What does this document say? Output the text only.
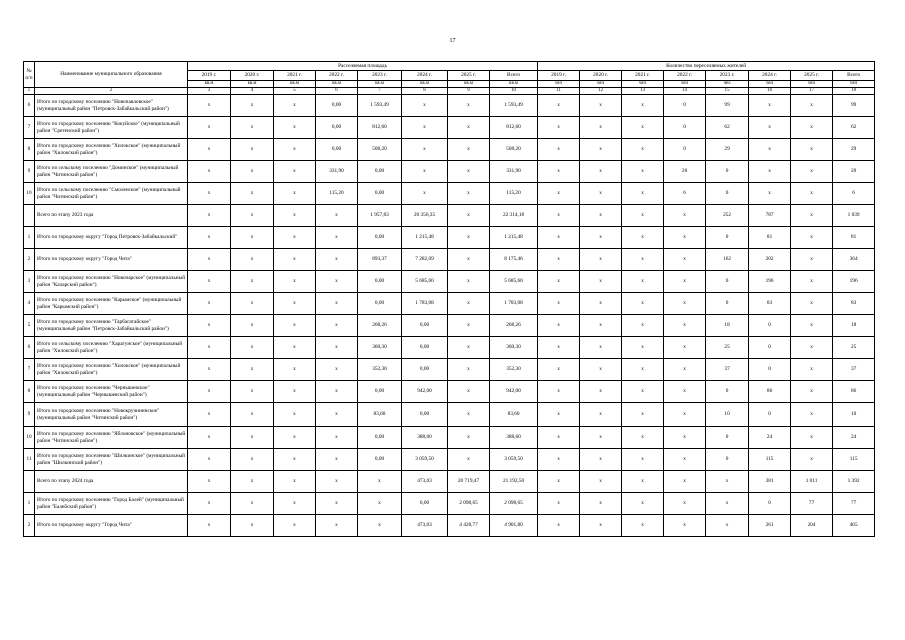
17
№ п/п	Наименование муниципального образования	Расселяемая площадь								Количество переселяемых жителей							
		2019 г.	2020 г.	2021 г.	2022 г.	2023 г.	2024 г.	2025 г.	Всего	2019 г.	2020 г.	2021 г.	2022 г.	2023 г.	2024 г.	2025 г.	Всего
		кв.м	кв.м	кв.м	кв.м	кв.м	кв.м	кв.м	кв.м	чел	чел	чел	чел	чел	чел	чел	чел
1	2	3	4	5	6	7	8	9	10	11	12	13	14	15	16	17	18
6	Итого по городскому поселению "Новопавловское" (муниципальный район "Петровск-Забайкальский район")	x	x	x	0,00	1 593,49	x	x	1 593,49	x	x	x	0	99	x	x	99
7	Итого по городскому поселению "Кокуйское" (муниципальный район "Сретенский район")	x	x	x	0,00	812,60	x	x	812,60	x	x	x	0	62	x	x	62
8	Итого по городскому поселению "Хилокское" (муниципальный район "Хилокский район")	x	x	x	0,00	508,20	x	x	508,20	x	x	x	0	29	x	x	29
9	Итого по сельскому поселению "Доминское" (муниципальный район "Читинский район")	x	x	x	331,90	0,00	x	x	331,90	x	x	x	20	0	x	x	20
10	Итого по сельскому поселению "Смоленское" (муниципальный район "Читинский район")	x	x	x	115,20	0,00	x	x	115,20	x	x	x	6	0	x	x	6
	Всего по этапу 2023 года	x	x	x	x	1 957,83	20 356,35	x	22 314,18	x	x	x	x	252	787	x	1 039
1	Итого по городскому округу "Город Петровск-Забайкальский"	x	x	x	x	0,00	1 215,48	x	1 215,48	x	x	x	x	0	81	x	81
2	Итого по городскому округу "Город Чита"	x	x	x	x	893,37	7 282,09	x	8 175,46	x	x	x	x	162	202	x	364
3	Итого по городскому поселению "Новочарское" (муниципальный район "Каларский район")	x	x	x	x	0,00	5 685,60	x	5 685,60	x	x	x	x	0	196	x	196
4	Итого по городскому поселению "Карымское" (муниципальный район "Карымский район")	x	x	x	x	0,00	1 783,08	x	1 783,08	x	x	x	x	0	83	x	83
5	Итого по городскому поселению "Тарбагатайское" (муниципальный район "Петровск-Забайкальский район")	x	x	x	x	268,26	0,00	x	268,26	x	x	x	x	18	0	x	18
6	Итого по сельскому поселению "Харагунское" (муниципальный район "Хилокский район")	x	x	x	x	360,30	0,00	x	360,30	x	x	x	x	25	0	x	25
7	Итого по городскому поселению "Хилокское" (муниципальный район "Хилокский район")	x	x	x	x	352,30	0,00	x	352,30	x	x	x	x	37	0	x	37
8	Итого по городскому поселению "Чернышевское" (муниципальный район "Чернышевский район")	x	x	x	x	0,00	942,00	x	942,00	x	x	x	x	0	86	x	86
9	Итого по городскому поселению "Новокручининское" (муниципальный район "Читинский район")	x	x	x	x	83,60	0,00	x	83,60	x	x	x	x	10	0	x	10
10	Итого по городскому поселению "Яблоновское" (муниципальный район "Читинский район")	x	x	x	x	0,00	388,60	x	388,60	x	x	x	x	0	24	x	24
11	Итого по городскому поселению "Шилкинское" (муниципальный район "Шилкинский район")	x	x	x	x	0,00	3 059,50	x	3 059,50	x	x	x	x	0	115	x	115
	Всего по этапу 2024 года	x	x	x	x	x	473,03	20 719,47	21 192,50	x	x	x	x	x	381	1 011	1 392
1	Итого по городскому поселению "Город Балей" (муниципальный район "Балейский район")	x	x	x	x	x	0,00	2 098,65	2 098,65	x	x	x	x	x	0	77	77
2	Итого по городскому округу "Город Чита"	x	x	x	x	x	473,03	4 428,77	4 901,80	x	x	x	x	x	261	204	465
